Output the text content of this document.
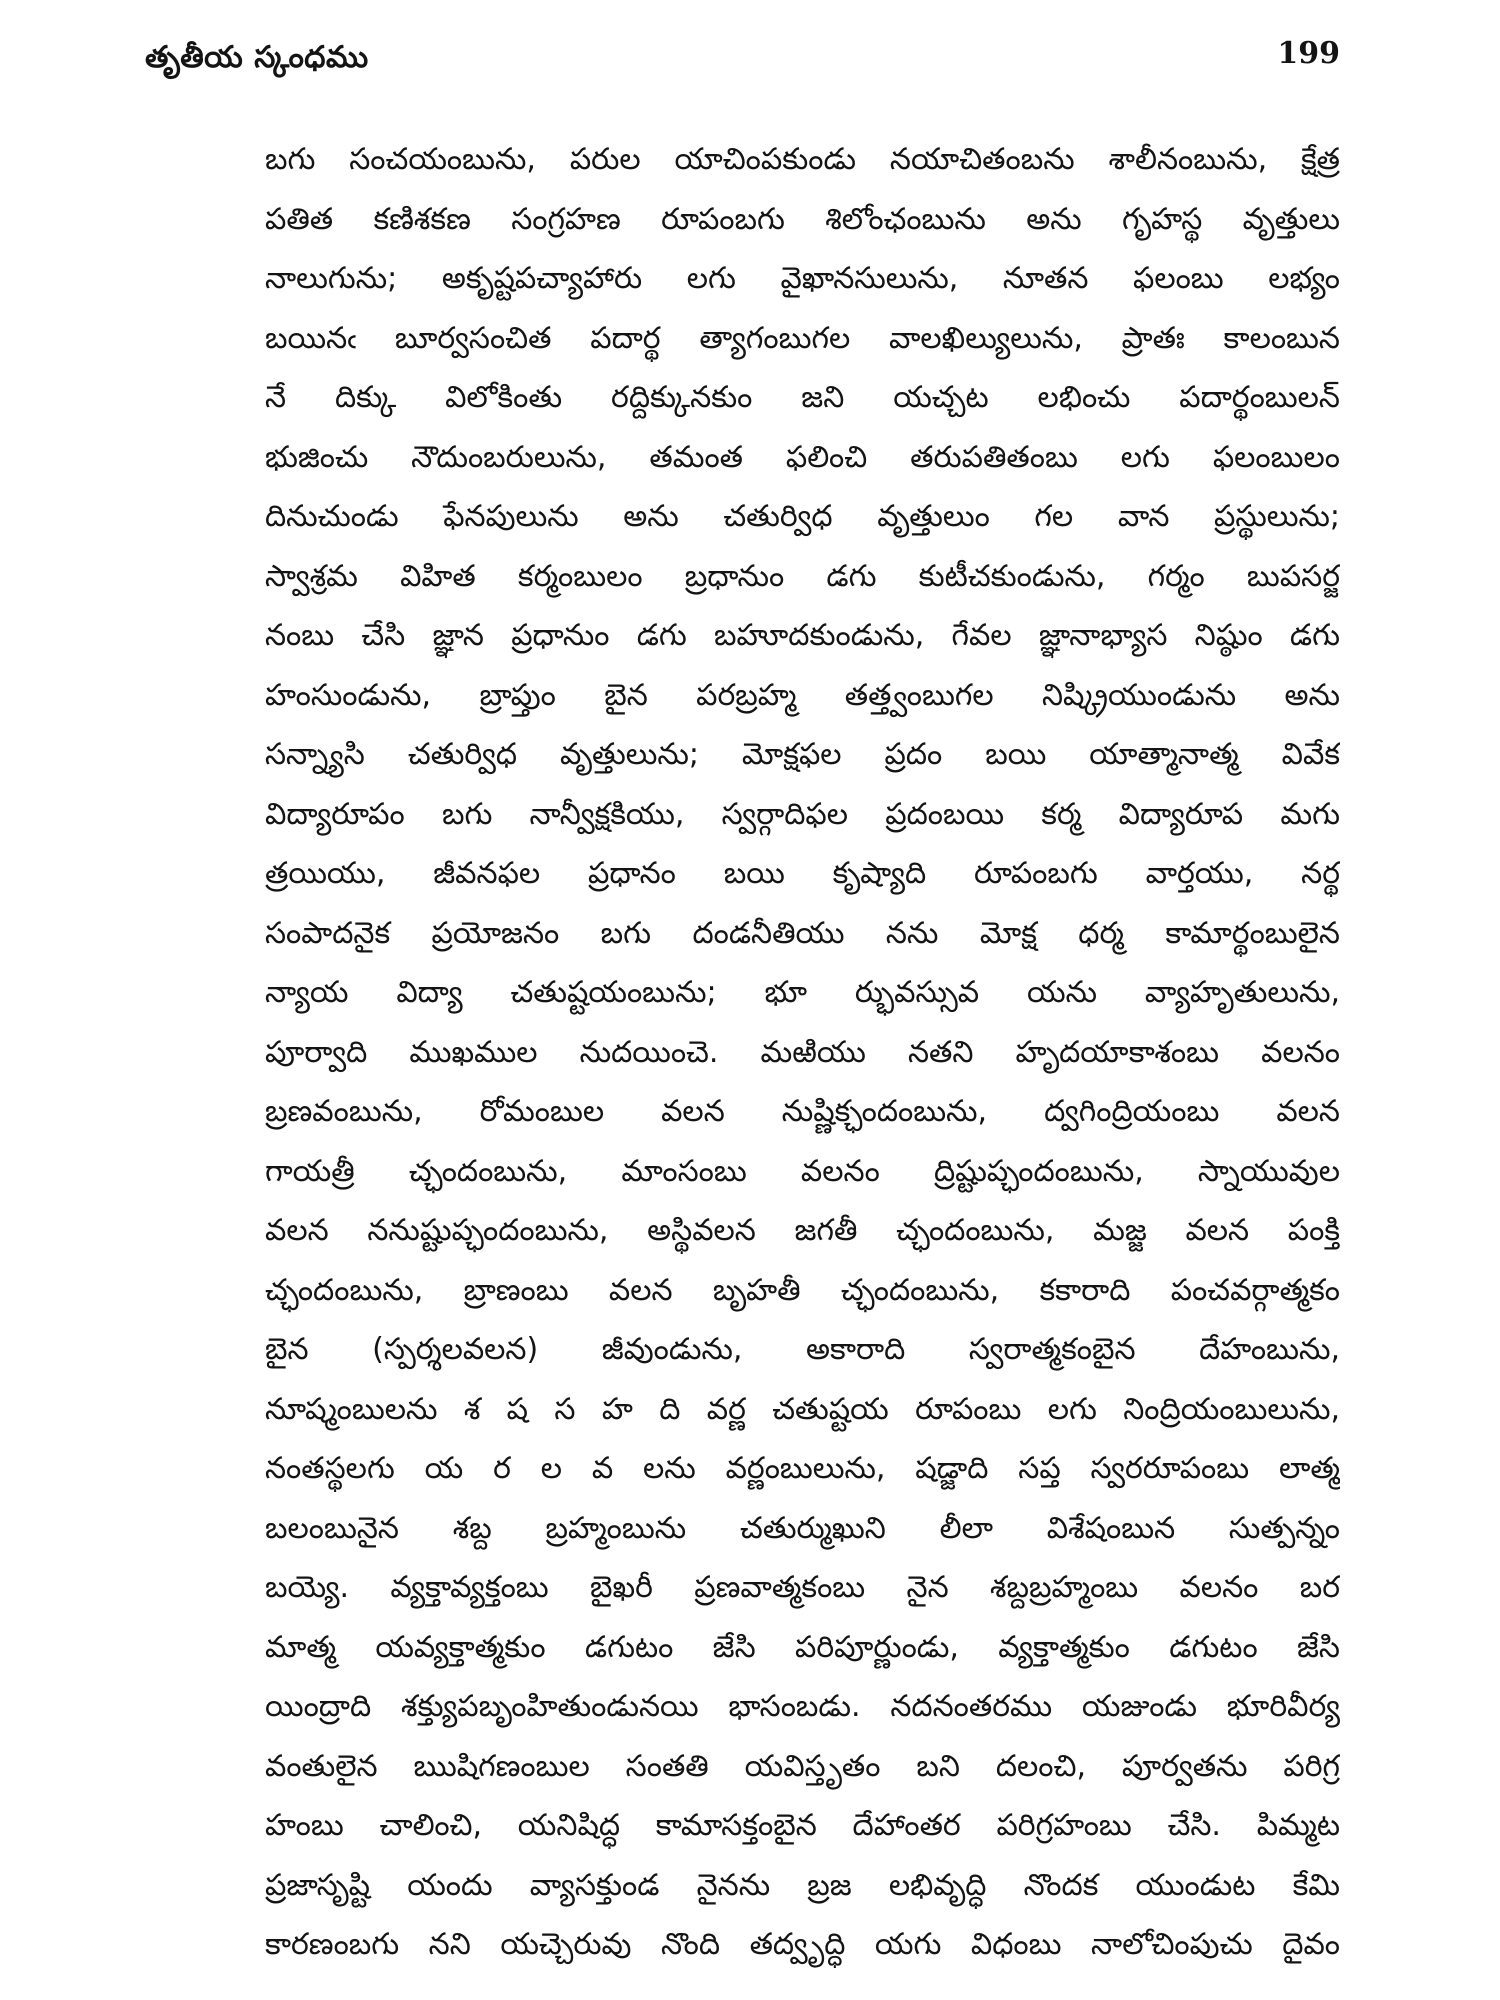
తృతీయ స్కంధము	199
బగు సంచయంబును, పరుల యాచింపకుండు నయాచితంబను శాలీనంబును, క్షేత్ర
పతిత కణిశకణ సంగ్రహణ రూపంబగు శిలోంఛంబును అను గృహస్థ వృత్తులు
నాలుగును; అకృష్టపచ్యాహారు లగు వైఖానసులును, నూతన ఫలంబు లభ్యం
బయినఁ బూర్వసంచిత పదార్థ త్యాగంబుగల వాలఖిల్యులును, ప్రాతః కాలంబున
నే దిక్కు విలోకింతు రద్దిక్కునకుం జని యచ్చట లభించు పదార్థంబులన్
భుజించు నౌదుంబరులును, తమంత ఫలించి తరుపతితంబు లగు ఫలంబులం
దినుచుండు ఫేనపులును అను చతుర్విధ వృత్తులుం గల వాన ప్రస్థులును;
స్వాశ్రమ విహిత కర్మంబులం బ్రధానుం డగు కుటీచకుండును, గర్మం బుపసర్జ
నంబు చేసి జ్ఞాన ప్రధానుం డగు బహూదకుండును, గేవల జ్ఞానాభ్యాస నిష్ఠుం డగు
హంసుండును, బ్రాప్తుం బైన పరబ్రహ్మ తత్త్వంబుగల నిష్క్రియుండును అను
సన్న్యాసి చతుర్విధ వృత్తులును; మోక్షఫల ప్రదం బయి యాత్మానాత్మ వివేక
విద్యారూపం బగు నాన్వీక్షకియు, స్వర్గాదిఫల ప్రదంబయి కర్మ విద్యారూప మగు
త్రయియు, జీవనఫల ప్రధానం బయి కృష్యాది రూపంబగు వార్తయు, నర్థ
సంపాదనైక ప్రయోజనం బగు దండనీతియు నను మోక్ష ధర్మ కామార్థంబులైన
న్యాయ విద్యా చతుష్టయంబును; భూ ర్భువస్సువ యను వ్యాహృతులును,
పూర్వాది ముఖముల నుదయించె. మఱియు నతని హృదయాకాశంబు వలనం
బ్రణవంబును, రోమంబుల వలన నుష్ణిక్ఛందంబును, ద్వగింద్రియంబు వలన
గాయత్రీ చ్ఛందంబును, మాంసంబు వలనం ద్రిష్టుప్ఛందంబును, స్నాయువుల
వలన ననుష్టుప్ఛందంబును, అస్థివలన జగతీ చ్ఛందంబును, మజ్జ వలన పంక్తి
చ్ఛందంబును, బ్రాణంబు వలన బృహతీ చ్ఛందంబును, కకారాది పంచవర్గాత్మకం
బైన (స్పర్శలవలన) జీవుండును, అకారాది స్వరాత్మకంబైన దేహంబును,
నూష్మంబులను శ ష స హ ది వర్ణ చతుష్టయ రూపంబు లగు నింద్రియంబులును,
నంతస్థలగు య ర ల వ లను వర్ణంబులును, షడ్జాది సప్త స్వరరూపంబు లాత్మ
బలంబునైన శబ్ద బ్రహ్మంబును చతుర్ముఖుని లీలా విశేషంబున సుత్పన్నం
బయ్యె. వ్యక్తావ్యక్తంబు బైఖరీ ప్రణవాత్మకంబు నైన శబ్దబ్రహ్మంబు వలనం బర
మాత్మ యవ్యక్తాత్మకుం డగుటం జేసి పరిపూర్ణుండు, వ్యక్తాత్మకుం డగుటం జేసి
యింద్రాది శక్త్యుపబృంహితుండునయి భాసంబడు. నదనంతరము యజుండు భూరివీర్య
వంతులైన ఋషిగణంబుల సంతతి యవిస్తృతం బని దలంచి, పూర్వతను పరిగ్ర
హంబు చాలించి, యనిషిద్ధ కామాసక్తంబైన దేహాంతర పరిగ్రహంబు చేసి. పిమ్మట
ప్రజాసృష్టి యందు వ్యాసక్తుండ నైనను బ్రజ లభివృద్ధి నొందక యుండుట కేమి
కారణంబగు నని యచ్చెరువు నొంది తద్వృద్ధి యగు విధంబు నాలోచింపుచు దైవం
